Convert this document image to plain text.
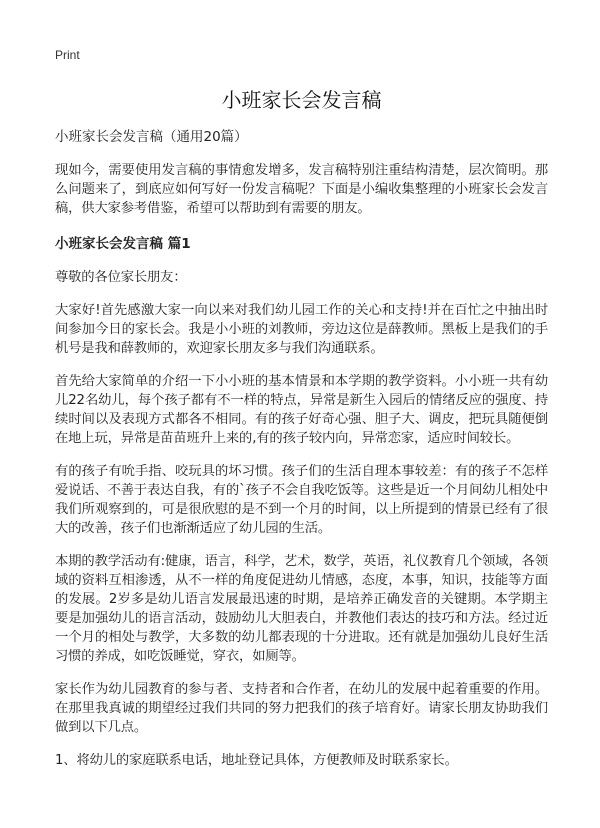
Print
小班家长会发言稿
小班家长会发言稿（通用20篇）

现如今，需要使用发言稿的事情愈发增多，发言稿特别注重结构清楚，层次简明。那么问题来了，到底应如何写好一份发言稿呢？下面是小编收集整理的小班家长会发言稿，供大家参考借鉴，希望可以帮助到有需要的朋友。

小班家长会发言稿 篇1

尊敬的各位家长朋友：

大家好!首先感激大家一向以来对我们幼儿园工作的关心和支持!并在百忙之中抽出时间参加今日的家长会。我是小小班的刘教师，旁边这位是薛教师。黑板上是我们的手机号是我和薛教师的，欢迎家长朋友多与我们沟通联系。

首先给大家简单的介绍一下小小班的基本情景和本学期的教学资料。小小班一共有幼儿22名幼儿，每个孩子都有不一样的特点，异常是新生入园后的情绪反应的强度、持续时间以及表现方式都各不相同。有的孩子好奇心强、胆子大、调皮，把玩具随便倒在地上玩，异常是苗苗班升上来的,有的孩子较内向，异常恋家，适应时间较长。

有的孩子有吮手指、咬玩具的坏习惯。孩子们的生活自理本事较差：有的孩子不怎样爱说话、不善于表达自我，有的`孩子不会自我吃饭等。这些是近一个月间幼儿相处中我们所观察到的，可是很欣慰的是不到一个月的时间，以上所提到的情景已经有了很大的改善，孩子们也渐渐适应了幼儿园的生活。

本期的教学活动有:健康，语言，科学，艺术，数学，英语，礼仪教育几个领域，各领域的资料互相渗透，从不一样的角度促进幼儿情感，态度，本事，知识，技能等方面的发展。2岁多是幼儿语言发展最迅速的时期，是培养正确发音的关键期。本学期主要是加强幼儿的语言活动，鼓励幼儿大胆表白，并教他们表达的技巧和方法。经过近一个月的相处与教学，大多数的幼儿都表现的十分进取。还有就是加强幼儿良好生活习惯的养成，如吃饭睡觉，穿衣，如厕等。

家长作为幼儿园教育的参与者、支持者和合作者，在幼儿的发展中起着重要的作用。在那里我真诚的期望经过我们共同的努力把我们的孩子培育好。请家长朋友协助我们做到以下几点。

1、将幼儿的家庭联系电话，地址登记具体，方便教师及时联系家长。
